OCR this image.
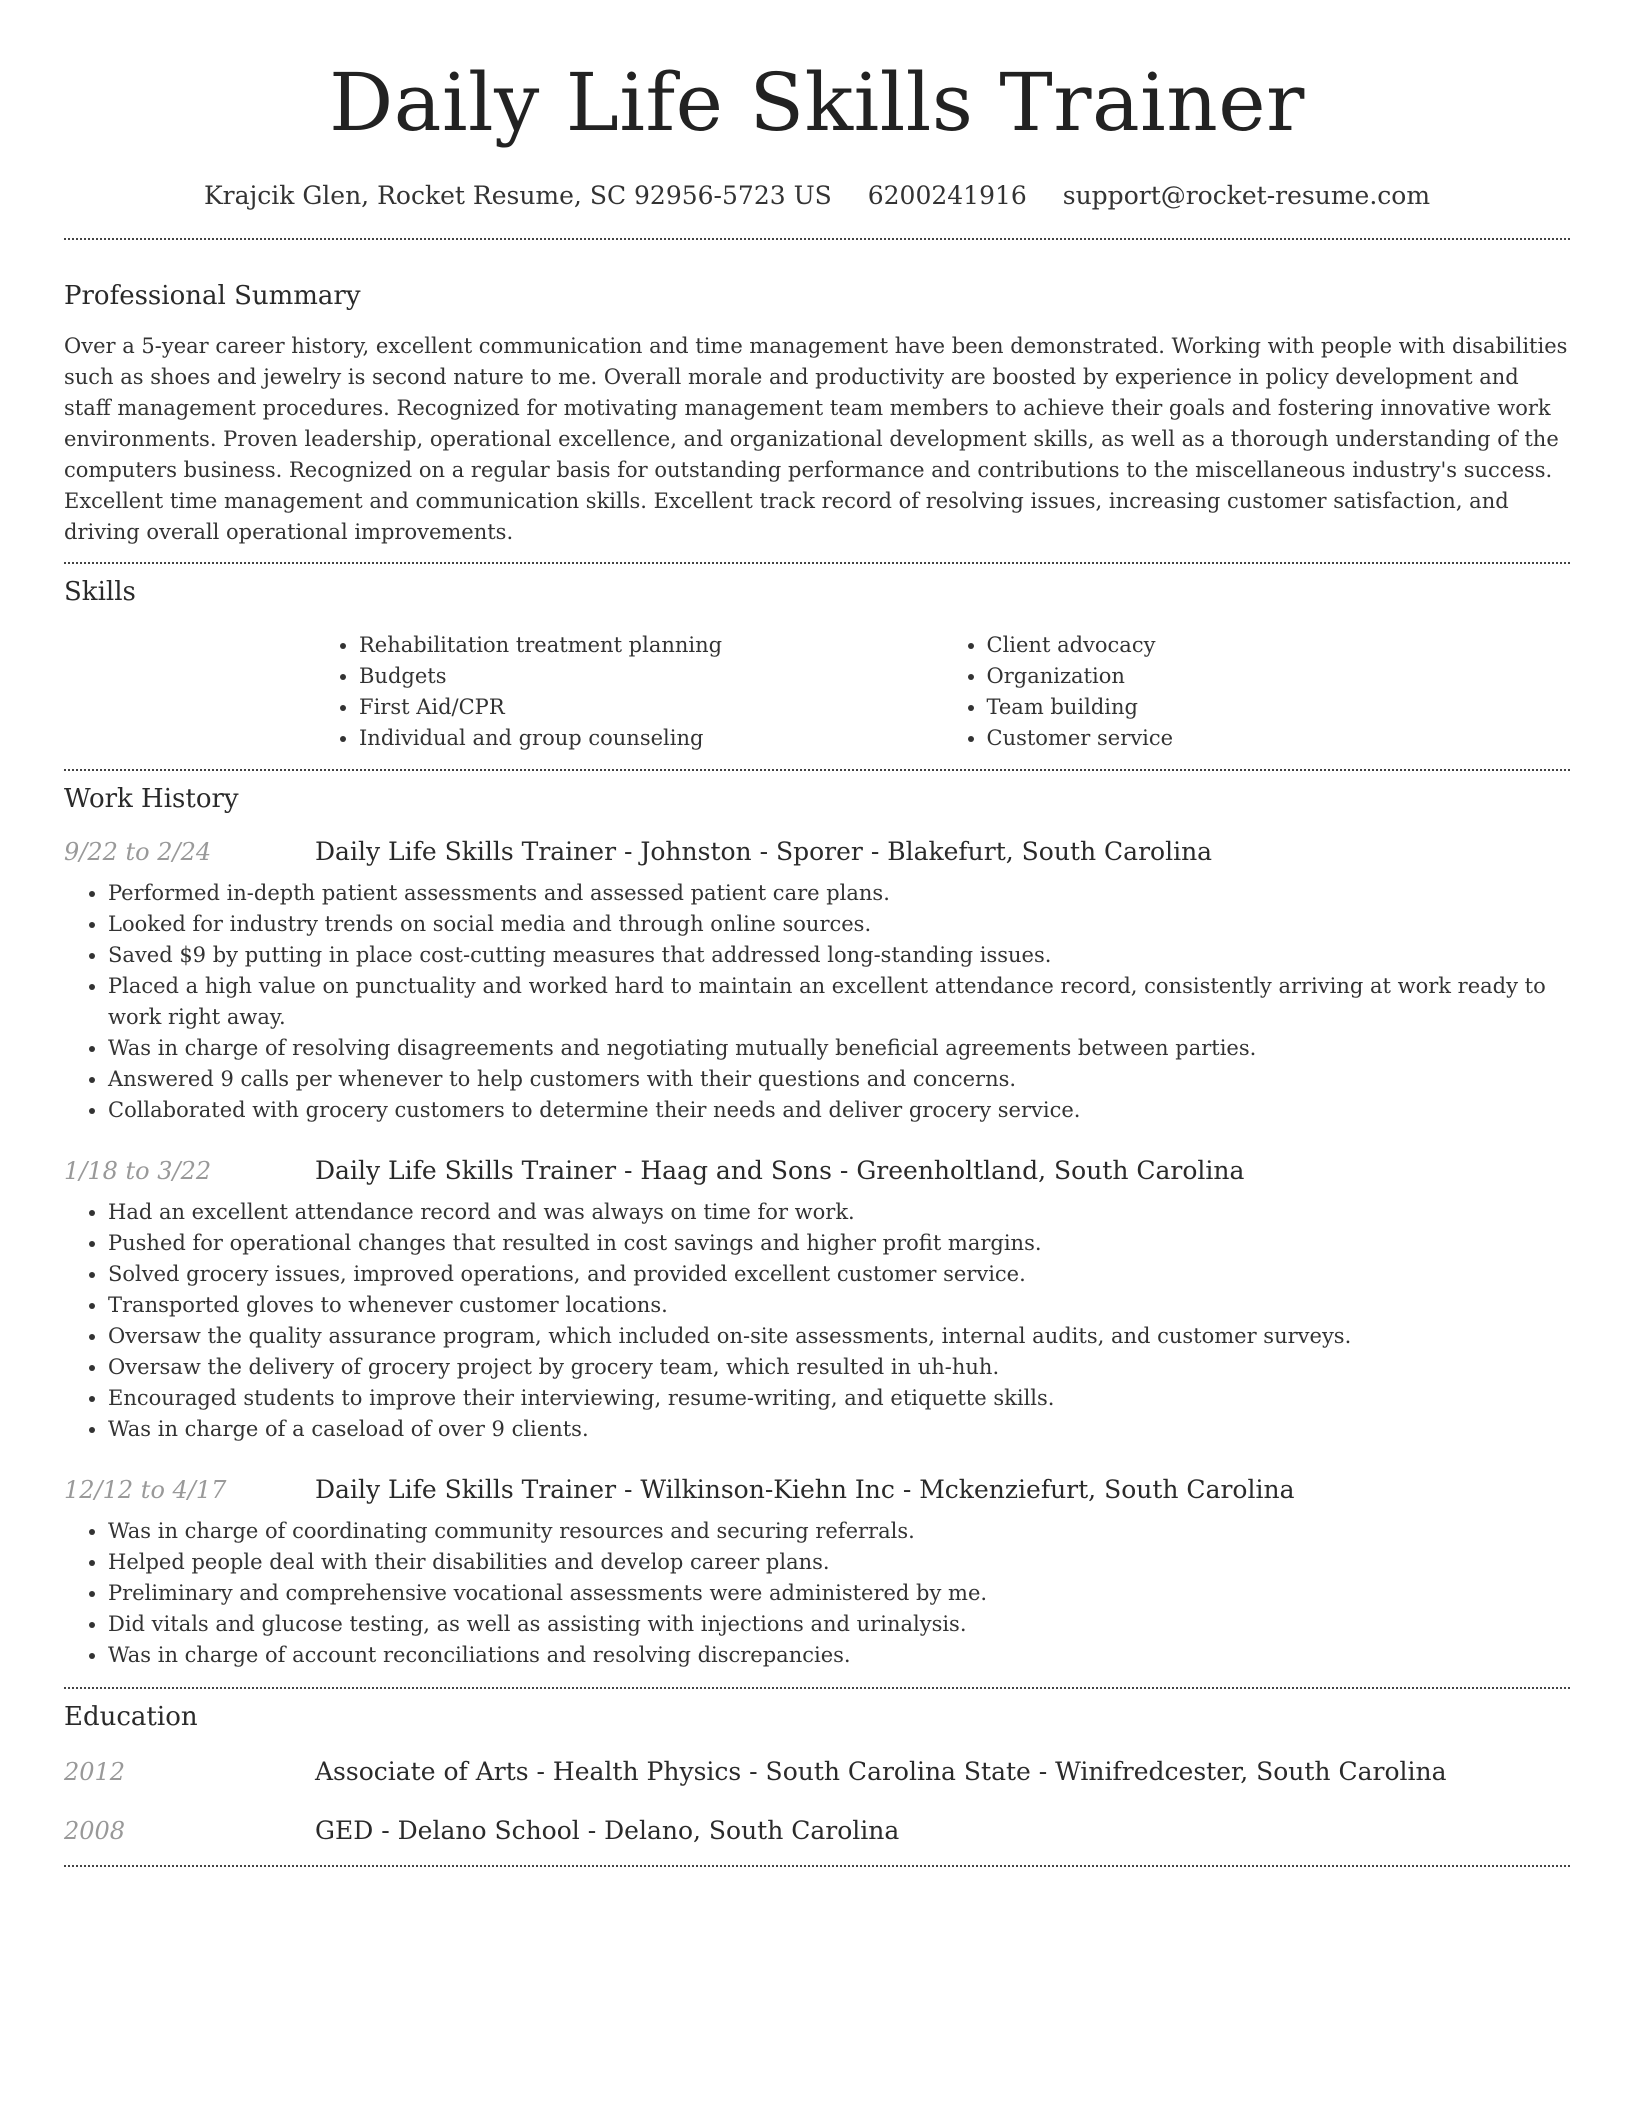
Daily Life Skills Trainer
Krajcik Glen, Rocket Resume, SC 92956-5723 US 6200241916 support@rocket-resume.com
Professional Summary

Over a 5-year career history, excellent communication and time management have been demonstrated. Working with people with disabilities such as shoes and jewelry is second nature to me. Overall morale and productivity are boosted by experience in policy development and staff management procedures. Recognized for motivating management team members to achieve their goals and fostering innovative work environments. Proven leadership, operational excellence, and organizational development skills, as well as a thorough understanding of the computers business. Recognized on a regular basis for outstanding performance and contributions to the miscellaneous industry's success. Excellent time management and communication skills. Excellent track record of resolving issues, increasing customer satisfaction, and driving overall operational improvements.

Skills
• Rehabilitation treatment planning
• Budgets
• First Aid/CPR
• Individual and group counseling
• Client advocacy
• Organization
• Team building
• Customer service
Work History
9/22 to 2/24	Daily Life Skills Trainer - Johnston - Sporer - Blakefurt, South Carolina
• Performed in-depth patient assessments and assessed patient care plans.
• Looked for industry trends on social media and through online sources.
• Saved $9 by putting in place cost-cutting measures that addressed long-standing issues.
• Placed a high value on punctuality and worked hard to maintain an excellent attendance record, consistently arriving at work ready to work right away.
• Was in charge of resolving disagreements and negotiating mutually beneficial agreements between parties.
• Answered 9 calls per whenever to help customers with their questions and concerns.
• Collaborated with grocery customers to determine their needs and deliver grocery service.
1/18 to 3/22	Daily Life Skills Trainer - Haag and Sons - Greenholtland, South Carolina
• Had an excellent attendance record and was always on time for work.
• Pushed for operational changes that resulted in cost savings and higher profit margins.
• Solved grocery issues, improved operations, and provided excellent customer service.
• Transported gloves to whenever customer locations.
• Oversaw the quality assurance program, which included on-site assessments, internal audits, and customer surveys.
• Oversaw the delivery of grocery project by grocery team, which resulted in uh-huh.
• Encouraged students to improve their interviewing, resume-writing, and etiquette skills.
• Was in charge of a caseload of over 9 clients.
12/12 to 4/17	Daily Life Skills Trainer - Wilkinson-Kiehn Inc - Mckenziefurt, South Carolina
• Was in charge of coordinating community resources and securing referrals.
• Helped people deal with their disabilities and develop career plans.
• Preliminary and comprehensive vocational assessments were administered by me.
• Did vitals and glucose testing, as well as assisting with injections and urinalysis.
• Was in charge of account reconciliations and resolving discrepancies.
Education
2012	Associate of Arts - Health Physics - South Carolina State - Winifredcester, South Carolina
2008	GED - Delano School - Delano, South Carolina
